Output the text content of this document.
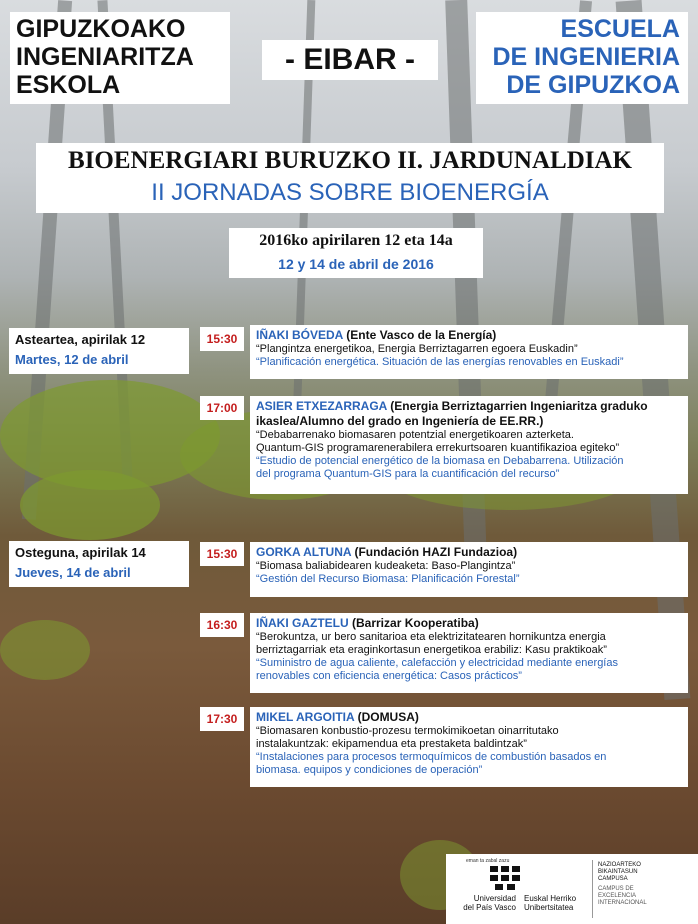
GIPUZKOAKO
INGENIARITZA
ESKOLA
- EIBAR -
ESCUELA
DE INGENIERIA
DE GIPUZKOA
BIOENERGIARI BURUZKO II. JARDUNALDIAK
II JORNADAS SOBRE BIOENERGÍA
2016ko apirilaren 12 eta 14a
12 y 14 de abril de 2016
Asteartea, apirilak 12
Martes, 12 de abril
Osteguna, apirilak 14
Jueves, 14 de abril
15:30	IÑAKI BÓVEDA (Ente Vasco de la Energía)
“Plangintza energetikoa, Energia Berriztagarren egoera Euskadin”
“Planificación energética. Situación de las energías renovables en Euskadi”
17:00	ASIER ETXEZARRAGA (Energia Berriztagarrien Ingeniaritza graduko ikaslea/Alumno del grado en Ingeniería de EE.RR.)
“Debabarrenako biomasaren potentzial energetikoaren azterketa.
Quantum-GIS programarenerabilera errekurtsoaren kuantifikazioa egiteko”
“Estudio de potencial energético de la biomasa en Debabarrena. Utilización
del programa Quantum-GIS para la cuantificación del recurso”
15:30	GORKA ALTUNA (Fundación HAZI Fundazioa)
“Biomasa baliabidearen kudeaketa: Baso-Plangintza”
“Gestión del Recurso Biomasa: Planificación Forestal”
16:30	IÑAKI GAZTELU (Barrizar Kooperatiba)
“Berokuntza, ur bero sanitarioa eta elektrizitatearen hornikuntza energia
berriztagarriak eta eraginkortasun energetikoa erabiliz: Kasu praktikoak”
“Suministro de agua caliente, calefacción y electricidad mediante energías
renovables con eficiencia energética: Casos prácticos”
17:30	MIKEL ARGOITIA (DOMUSA)
“Biomasaren konbustio-prozesu termokimikoetan oinarritutako
instalakuntzak: ekipamendua eta prestaketa baldintzak”
“Instalaciones para procesos termoquímicos de combustión basados en
biomasa. equipos y condiciones de operación”
eman ta zabal zazu
Universidad
del País Vasco
Euskal Herriko
Unibertsitatea
NAZIOARTEKO
BIKAINTASUN
CAMPUSA
CAMPUS DE
EXCELENCIA
INTERNACIONAL
